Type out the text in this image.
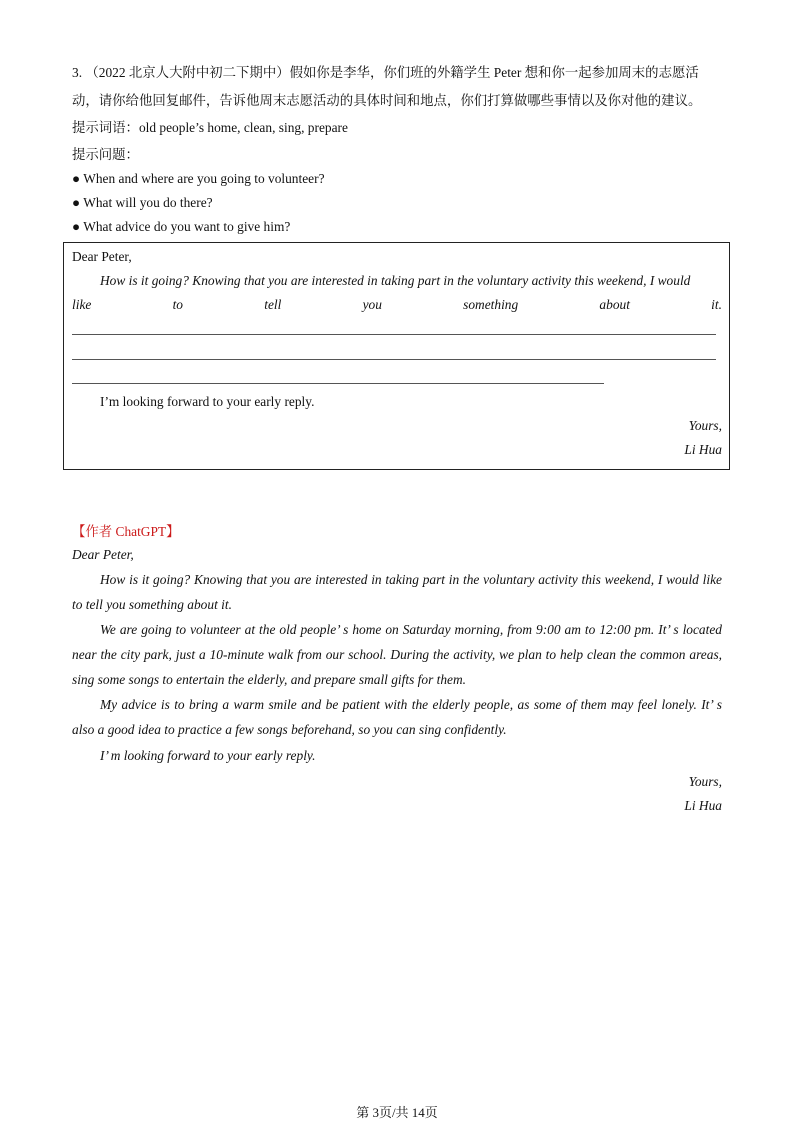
3. （2022 北京人大附中初二下期中）假如你是李华，你们班的外籍学生 Peter 想和你一起参加周末的志愿活
动，请你给他回复邮件，告诉他周末志愿活动的具体时间和地点，你们打算做哪些事情以及你对他的建议。
提示词语：old people’s home, clean, sing, prepare
提示问题：
● When and where are you going to volunteer?
● What will you do there?
● What advice do you want to give him?
Dear Peter,
How is it going? Knowing that you are interested in taking part in the voluntary activity this weekend, I would
like	to	tell	you	something	about	it.
I’m looking forward to your early reply.
Yours,
Li Hua
【作者 ChatGPT】
Dear Peter,
How is it going? Knowing that you are interested in taking part in the voluntary activity this weekend, I would like to tell you something about it.
We are going to volunteer at the old people’ s home on Saturday morning, from 9:00 am to 12:00 pm. It’ s located near the city park, just a 10-minute walk from our school. During the activity, we plan to help clean the common areas, sing some songs to entertain the elderly, and prepare small gifts for them.
My advice is to bring a warm smile and be patient with the elderly people, as some of them may feel lonely. It’ s also a good idea to practice a few songs beforehand, so you can sing confidently.
I’ m looking forward to your early reply.
Yours,
Li Hua
第 3页/共 14页
